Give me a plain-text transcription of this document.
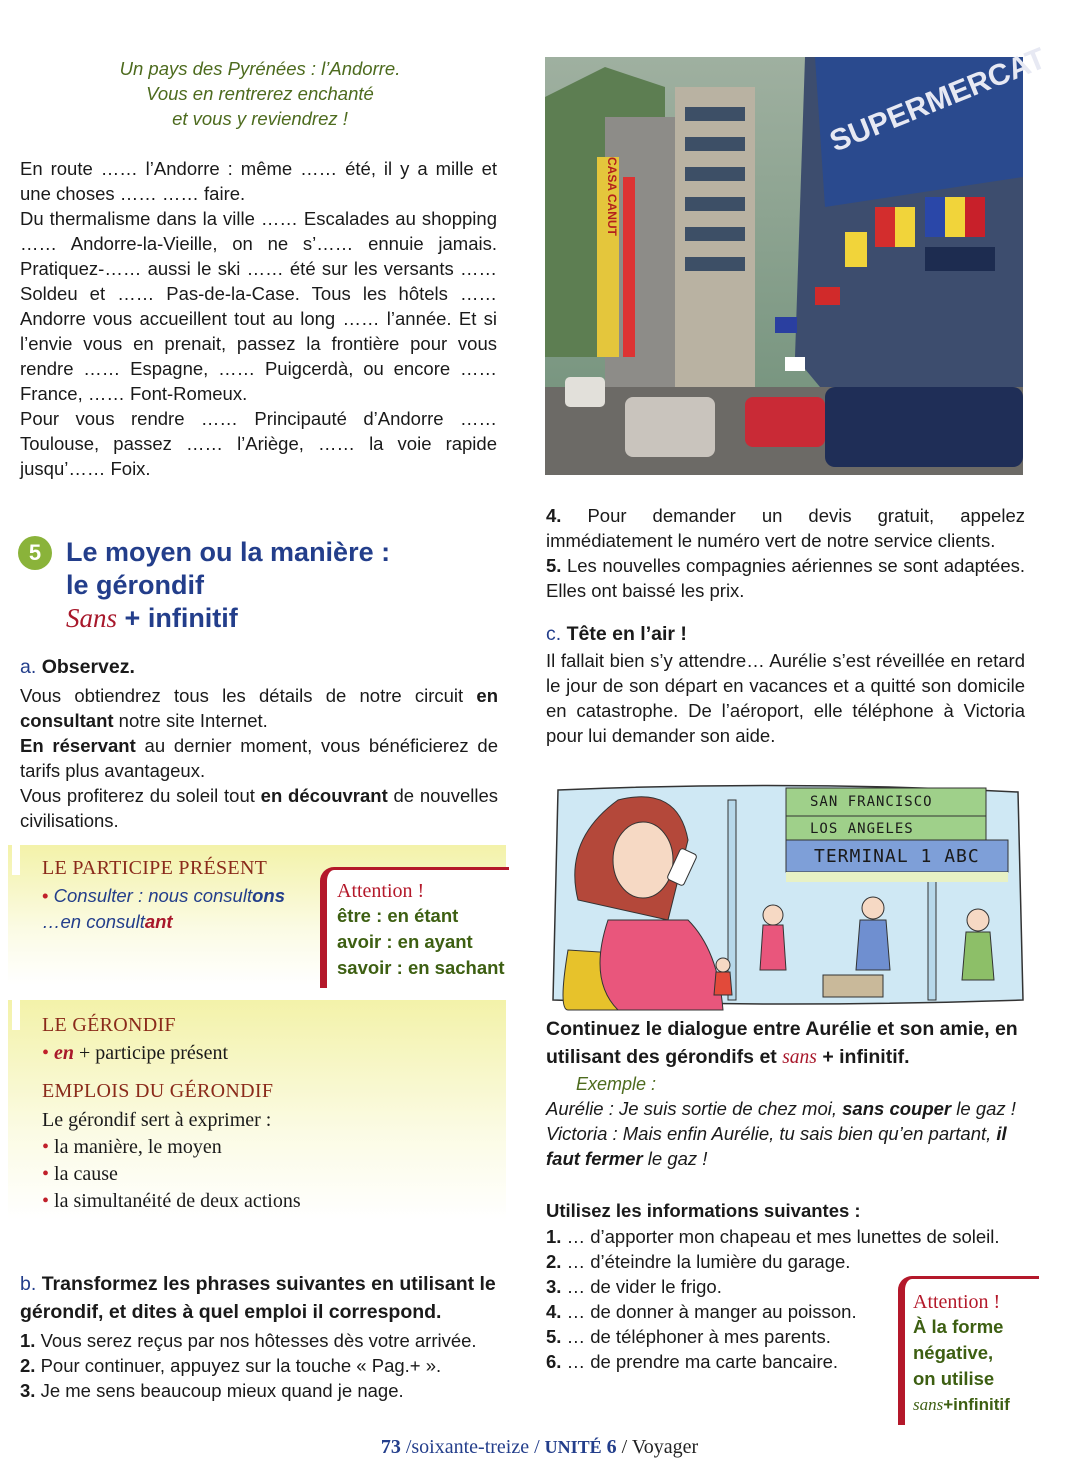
Un pays des Pyrénées : l’Andorre.
Vous en rentrerez enchanté
et vous y reviendrez !
En route …… l’Andorre : même …… été, il y a mille et une choses …… …… faire.
Du thermalisme dans la ville …… Escalades au shopping …… Andorre-la-Vieille, on ne s’…… ennuie jamais. Pratiquez-…… aussi le ski …… été sur les versants …… Soldeu et …… Pas-de-la-Case. Tous les hôtels …… Andorre vous accueillent tout au long …… l’année. Et si l’envie vous en prenait, passez la frontière pour vous rendre …… Espagne, …… Puigcerdà, ou encore …… France, …… Font-Romeux.
Pour vous rendre …… Principauté d’Andorre …… Toulouse, passez …… l’Ariège, …… la voie rapide jusqu’…… Foix.
SUPERMERCAT
CASA CANUT
5 Le moyen ou la manière :
le gérondif
Sans + infinitif
a. Observez.
Vous obtiendrez tous les détails de notre circuit en consultant notre site Internet.
En réservant au dernier moment, vous bénéficierez de tarifs plus avantageux.
Vous profiterez du soleil tout en découvrant de nouvelles civilisations.
LE PARTICIPE PRÉSENT
• Consulter : nous consultons
…en consultant
Attention !
être : en étant
avoir : en ayant
savoir : en sachant
LE GÉRONDIF
• en + participe présent
EMPLOIS DU GÉRONDIF
Le gérondif sert à exprimer :
• la manière, le moyen
• la cause
• la simultanéité de deux actions
b. Transformez les phrases suivantes en utilisant le gérondif, et dites à quel emploi il correspond.
1. Vous serez reçus par nos hôtesses dès votre arrivée.
2. Pour continuer, appuyez sur la touche « Pag.+ ».
3. Je me sens beaucoup mieux quand je nage.
4. Pour demander un devis gratuit, appelez immédiatement le numéro vert de notre service clients.
5. Les nouvelles compagnies aériennes se sont adaptées. Elles ont baissé les prix.
c. Tête en l’air !
Il fallait bien s’y attendre… Aurélie s’est réveillée en retard le jour de son départ en vacances et a quitté son domicile en catastrophe. De l’aéroport, elle téléphone à Victoria pour lui demander son aide.
SAN FRANCISCO
LOS ANGELES
TERMINAL 1 ABC
Continuez le dialogue entre Aurélie et son amie, en utilisant des gérondifs et sans + infinitif.
Exemple :
Aurélie : Je suis sortie de chez moi, sans couper le gaz !
Victoria : Mais enfin Aurélie, tu sais bien qu’en partant, il faut fermer le gaz !
Utilisez les informations suivantes :
1. … d’apporter mon chapeau et mes lunettes de soleil.
2. … d’éteindre la lumière du garage.
3. … de vider le frigo.
4. … de donner à manger au poisson.
5. … de téléphoner à mes parents.
6. … de prendre ma carte bancaire.
Attention !
À la forme
négative,
on utilise
sans+infinitif
73 /soixante-treize / UNITÉ 6 / Voyager
